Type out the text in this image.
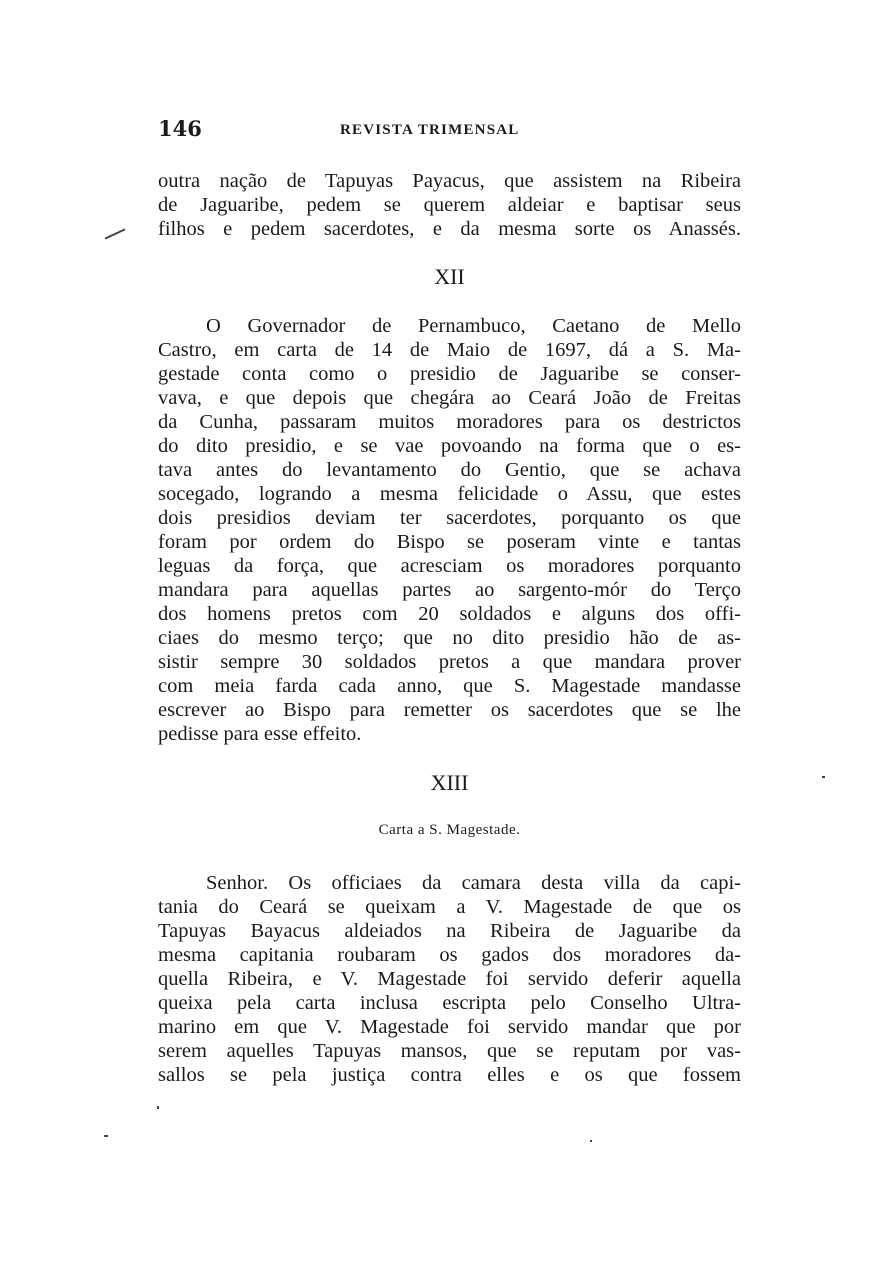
146	REVISTA TRIMENSAL
outra nação de Tapuyas Payacus, que assistem na Ribeira
de Jaguaribe, pedem se querem aldeiar e baptisar seus
filhos e pedem sacerdotes, e da mesma sorte os Anassés.
XII
O Governador de Pernambuco, Caetano de Mello
Castro, em carta de 14 de Maio de 1697, dá a S. Ma-
gestade conta como o presidio de Jaguaribe se conser-
vava, e que depois que chegára ao Ceará João de Freitas
da Cunha, passaram muitos moradores para os destrictos
do dito presidio, e se vae povoando na forma que o es-
tava antes do levantamento do Gentio, que se achava
socegado, logrando a mesma felicidade o Assu, que estes
dois presidios deviam ter sacerdotes, porquanto os que
foram por ordem do Bispo se poseram vinte e tantas
leguas da força, que acresciam os moradores porquanto
mandara para aquellas partes ao sargento-mór do Terço
dos homens pretos com 20 soldados e alguns dos offi-
ciaes do mesmo terço; que no dito presidio hão de as-
sistir sempre 30 soldados pretos a que mandara prover
com meia farda cada anno, que S. Magestade mandasse
escrever ao Bispo para remetter os sacerdotes que se lhe
pedisse para esse effeito.
XIII
Carta a S. Magestade.
Senhor. Os officiaes da camara desta villa da capi-
tania do Ceará se queixam a V. Magestade de que os
Tapuyas Bayacus aldeiados na Ribeira de Jaguaribe da
mesma capitania roubaram os gados dos moradores da-
quella Ribeira, e V. Magestade foi servido deferir aquella
queixa pela carta inclusa escripta pelo Conselho Ultra-
marino em que V. Magestade foi servido mandar que por
serem aquelles Tapuyas mansos, que se reputam por vas-
sallos se pela justiça contra elles e os que fossem
